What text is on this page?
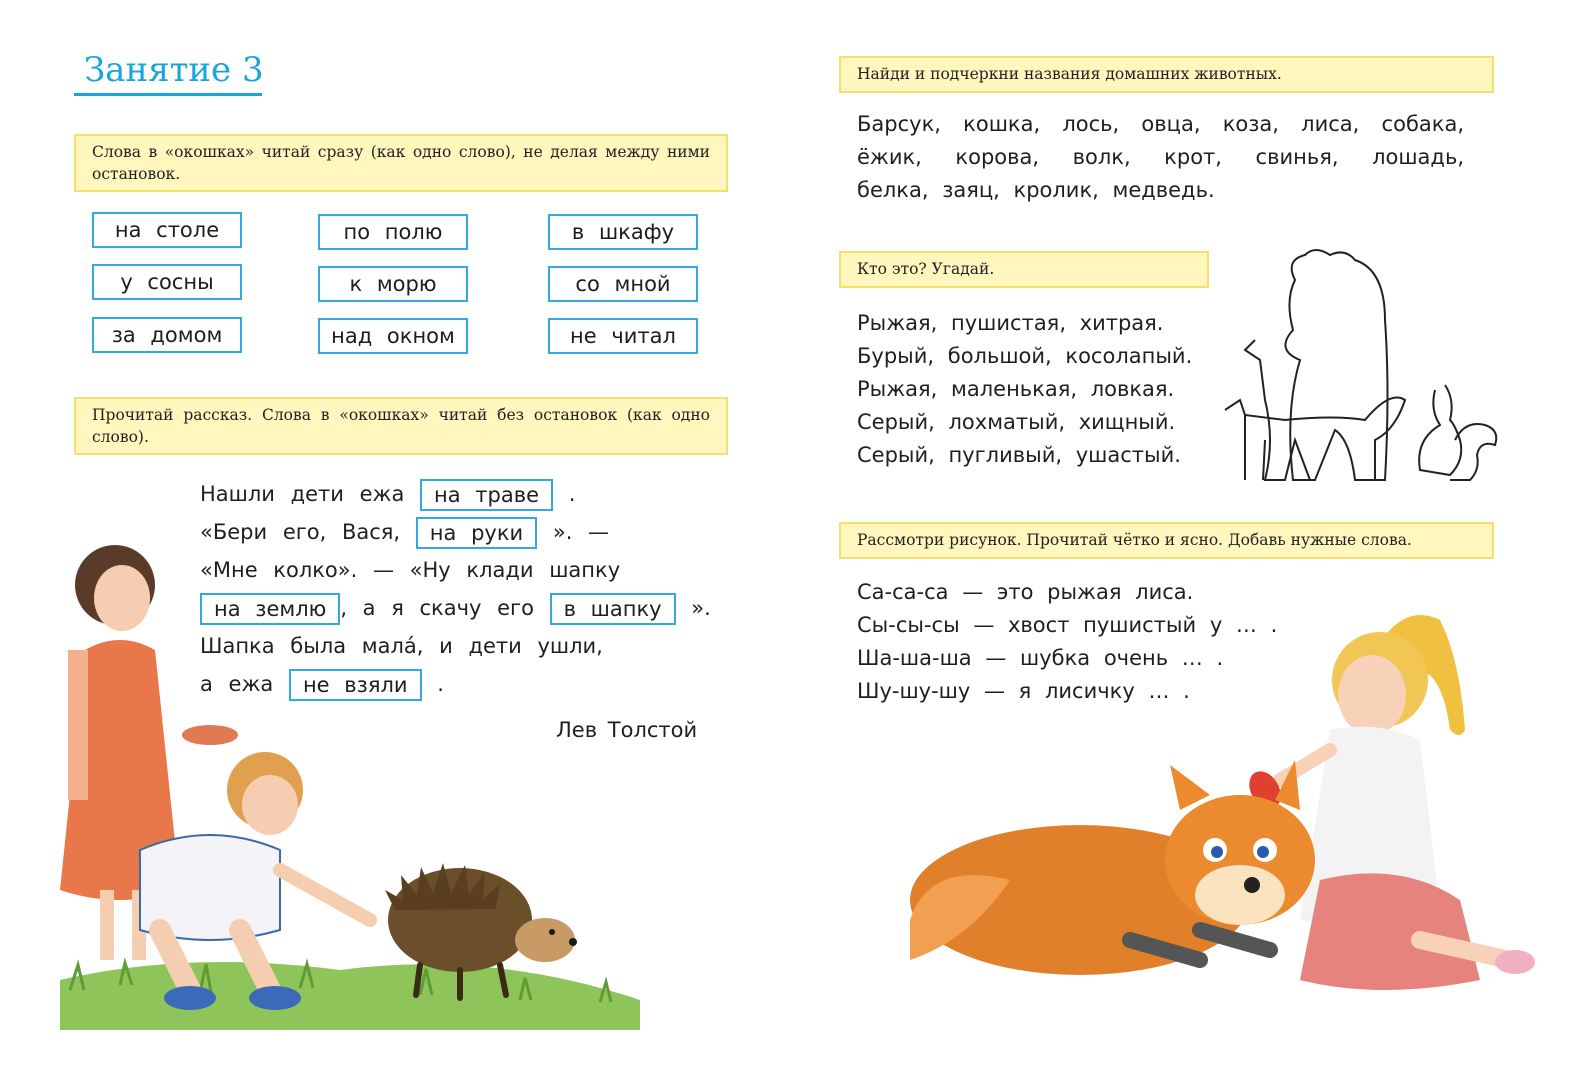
Занятие 3
Слова в «окошках» читай сразу (как одно слово), не делая между ними остановок.
на столе	по полю	в шкафу
у сосны	к морю	со мной
за домом	над окном	не читал
Прочитай рассказ. Слова в «окошках» читай без остановок (как одно слово).
Нашли дети ежа на траве .
«Бери его, Вася, на руки ». —
«Мне колко». — «Ну клади шапку
на землю , а я скачу его в шапку ».
Шапка была малá, и дети ушли,
а ежа не взяли .
Лев Толстой
Найди и подчеркни названия домашних животных.
Барсук, кошка, лось, овца, коза, лиса, собака,
ёжик, корова, волк, крот, свинья, лошадь,
белка, заяц, кролик, медведь.
Кто это? Угадай.
Рыжая, пушистая, хитрая.
Бурый, большой, косолапый.
Рыжая, маленькая, ловкая.
Серый, лохматый, хищный.
Серый, пугливый, ушастый.
Рассмотри рисунок. Прочитай чётко и ясно. Добавь нужные слова.
Са-са-са — это рыжая лиса.
Сы-сы-сы — хвост пушистый у … .
Ша-ша-ша — шубка очень … .
Шу-шу-шу — я лисичку … .
